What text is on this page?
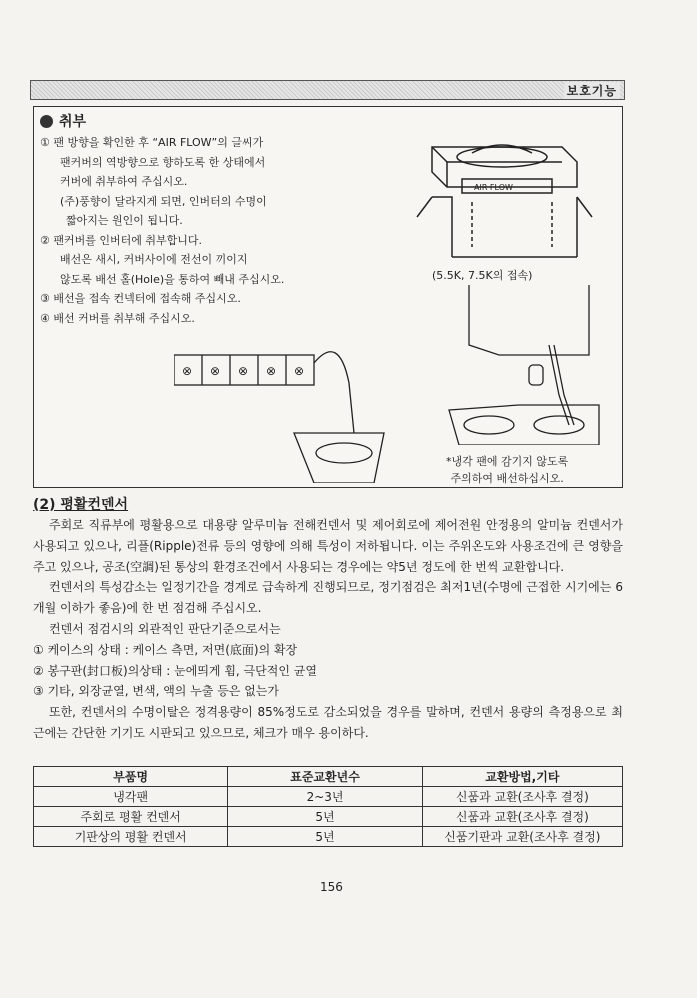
보호기능
취부
① 팬 방향을 확인한 후 “AIR FLOW”의 글씨가
팬커버의 역방향으로 향하도록 한 상태에서
커버에 취부하여 주십시오.
(주)풍향이 달라지게 되면, 인버터의 수명이
짧아지는 원인이 됩니다.
② 팬커버를 인버터에 취부합니다.
배선은 새시, 커버사이에 전선이 끼이지
않도록 배선 홀(Hole)을 통하여 빼내 주십시오.
③ 배선을 접속 컨넥터에 접속해 주십시오.
④ 배선 커버를 취부해 주십시오.
AIR FLOW
(5.5K, 7.5K의 접속)
⊗ ⊗ ⊗ ⊗ ⊗
*냉각 팬에 감기지 않도록
주의하여 배선하십시오.
(2) 평활컨덴서

주회로 직류부에 평활용으로 대용량 알루미늄 전해컨덴서 및 제어회로에 제어전원 안정용의 알미늄 컨덴서가 사용되고 있으나, 리플(Ripple)전류 등의 영향에 의해 특성이 저하됩니다. 이는 주위온도와 사용조건에 큰 영향을 주고 있으나, 공조(空調)된 통상의 환경조건에서 사용되는 경우에는 약5년 정도에 한 번씩 교환합니다.

컨덴서의 특성감소는 일정기간을 경계로 급속하게 진행되므로, 정기점검은 최저1년(수명에 근접한 시기에는 6개월 이하가 좋음)에 한 번 점검해 주십시오.

컨덴서 점검시의 외관적인 판단기준으로서는

① 케이스의 상태 : 케이스 측면, 저면(底面)의 확장

② 봉구판(封口板)의상태 : 눈에띄게 휨, 극단적인 균열

③ 기타, 외장균열, 변색, 액의 누출 등은 없는가

또한, 컨덴서의 수명이탈은 정격용량이 85%정도로 감소되었을 경우를 말하며, 컨덴서 용량의 측정용으로 최근에는 간단한 기기도 시판되고 있으므로, 체크가 매우 용이하다.

부품명	표준교환년수	교환방법,기타
냉각팬	2~3년	신품과 교환(조사후 결정)
주회로 평활 컨덴서	5년	신품과 교환(조사후 결정)
기판상의 평활 컨덴서	5년	신품기판과 교환(조사후 결정)
156
